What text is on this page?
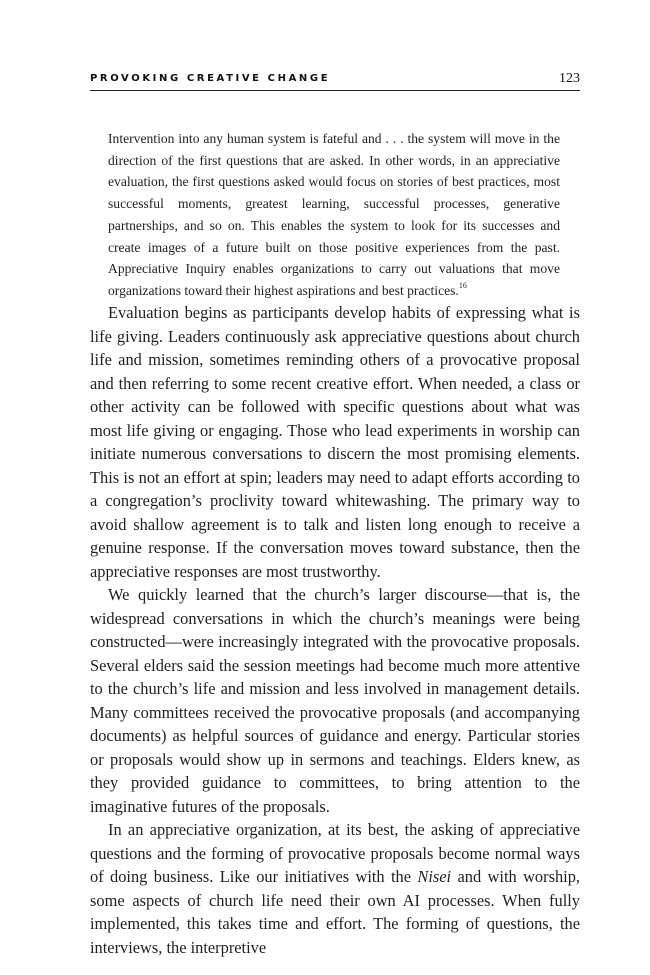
PROVOKING CREATIVE CHANGE	123
Intervention into any human system is fateful and . . . the system will move in the direction of the first questions that are asked. In other words, in an appreciative evaluation, the first questions asked would focus on stories of best practices, most successful moments, greatest learning, successful processes, generative partnerships, and so on. This enables the system to look for its successes and create images of a future built on those positive experiences from the past. Appreciative Inquiry enables organizations to carry out valuations that move organizations toward their highest aspirations and best practices.$^{16}$

Evaluation begins as participants develop habits of expressing what is life giving. Leaders continuously ask appreciative questions about church life and mission, sometimes reminding others of a provocative proposal and then referring to some recent creative effort. When needed, a class or other activity can be followed with specific questions about what was most life giving or engaging. Those who lead experiments in worship can initiate numerous conversations to discern the most promising elements. This is not an effort at spin; leaders may need to adapt efforts according to a congregation’s proclivity toward whitewashing. The primary way to avoid shallow agreement is to talk and listen long enough to receive a genuine response. If the conversation moves toward substance, then the appreciative responses are most trustworthy.

We quickly learned that the church’s larger discourse—that is, the widespread conversations in which the church’s meanings were being constructed—were increasingly integrated with the provocative proposals. Several elders said the session meetings had become much more attentive to the church’s life and mission and less involved in management details. Many committees received the provocative proposals (and accompanying documents) as helpful sources of guidance and energy. Particular stories or proposals would show up in sermons and teachings. Elders knew, as they provided guidance to committees, to bring attention to the imaginative futures of the proposals.

In an appreciative organization, at its best, the asking of appreciative questions and the forming of provocative proposals become normal ways of doing business. Like our initiatives with the Nisei and with worship, some aspects of church life need their own AI processes. When fully implemented, this takes time and effort. The forming of questions, the interviews, the interpretive
